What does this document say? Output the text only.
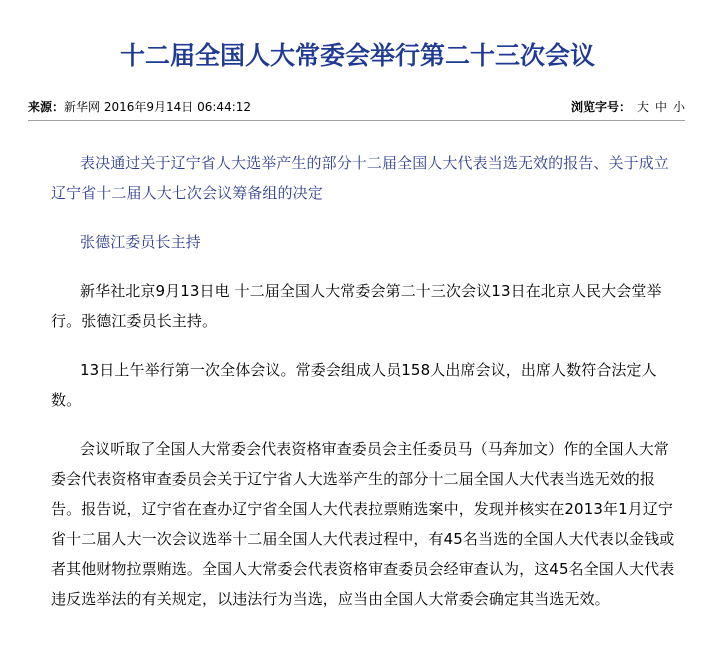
十二届全国人大常委会举行第二十三次会议
来源：新华网 2016年9月14日 06:44:12	浏览字号： 大 中 小

表决通过关于辽宁省人大选举产生的部分十二届全国人大代表当选无效的报告、关于成立辽宁省十二届人大七次会议筹备组的决定

张德江委员长主持

新华社北京9月13日电 十二届全国人大常委会第二十三次会议13日在北京人民大会堂举行。张德江委员长主持。

13日上午举行第一次全体会议。常委会组成人员158人出席会议，出席人数符合法定人数。

会议听取了全国人大常委会代表资格审查委员会主任委员马（马奔加文）作的全国人大常委会代表资格审查委员会关于辽宁省人大选举产生的部分十二届全国人大代表当选无效的报告。报告说，辽宁省在查办辽宁省全国人大代表拉票贿选案中，发现并核实在2013年1月辽宁省十二届人大一次会议选举十二届全国人大代表过程中，有45名当选的全国人大代表以金钱或者其他财物拉票贿选。全国人大常委会代表资格审查委员会经审查认为，这45名全国人大代表违反选举法的有关规定，以违法行为当选，应当由全国人大常委会确定其当选无效。
